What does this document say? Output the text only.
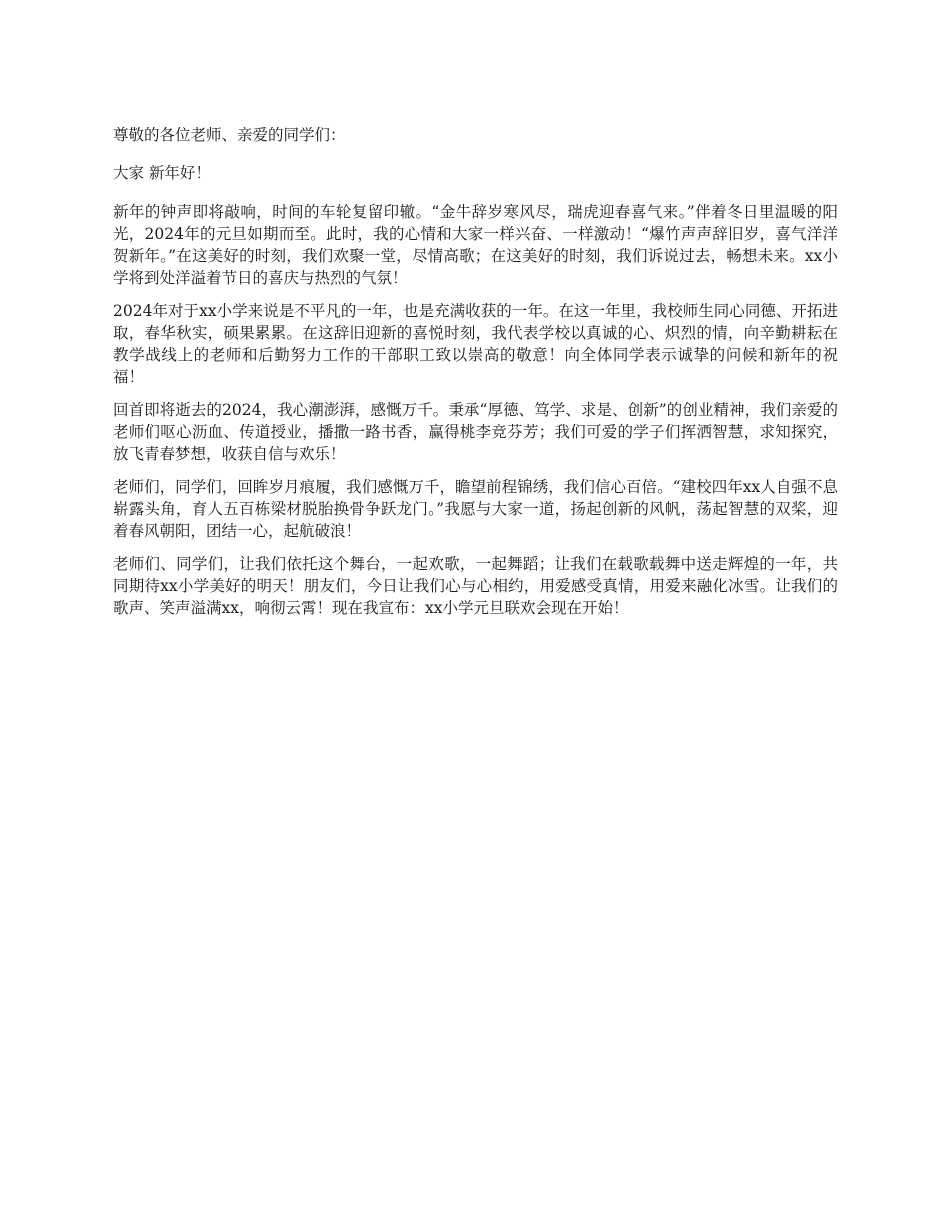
尊敬的各位老师、亲爱的同学们：

大家 新年好！

新年的钟声即将敲响，时间的车轮复留印辙。“金牛辞岁寒风尽，瑞虎迎春喜气来。”伴着冬日里温暖的阳光，2024年的元旦如期而至。此时，我的心情和大家一样兴奋、一样激动！“爆竹声声辞旧岁，喜气洋洋贺新年。”在这美好的时刻，我们欢聚一堂，尽情高歌；在这美好的时刻，我们诉说过去，畅想未来。xx小学将到处洋溢着节日的喜庆与热烈的气氛！

2024年对于xx小学来说是不平凡的一年，也是充满收获的一年。在这一年里，我校师生同心同德、开拓进取，春华秋实，硕果累累。在这辞旧迎新的喜悦时刻，我代表学校以真诚的心、炽烈的情，向辛勤耕耘在教学战线上的老师和后勤努力工作的干部职工致以崇高的敬意！向全体同学表示诚挚的问候和新年的祝福！

回首即将逝去的2024，我心潮澎湃，感慨万千。秉承“厚德、笃学、求是、创新”的创业精神，我们亲爱的老师们呕心沥血、传道授业，播撒一路书香，赢得桃李竞芬芳；我们可爱的学子们挥洒智慧，求知探究，放飞青春梦想，收获自信与欢乐！

老师们，同学们，回眸岁月痕履，我们感慨万千，瞻望前程锦绣，我们信心百倍。“建校四年xx人自强不息崭露头角，育人五百栋梁材脱胎换骨争跃龙门。”我愿与大家一道，扬起创新的风帆，荡起智慧的双桨，迎着春风朝阳，团结一心，起航破浪！

老师们、同学们，让我们依托这个舞台，一起欢歌，一起舞蹈；让我们在载歌载舞中送走辉煌的一年，共同期待xx小学美好的明天！朋友们，今日让我们心与心相约，用爱感受真情，用爱来融化冰雪。让我们的歌声、笑声溢满xx，响彻云霄！现在我宣布：xx小学元旦联欢会现在开始！
